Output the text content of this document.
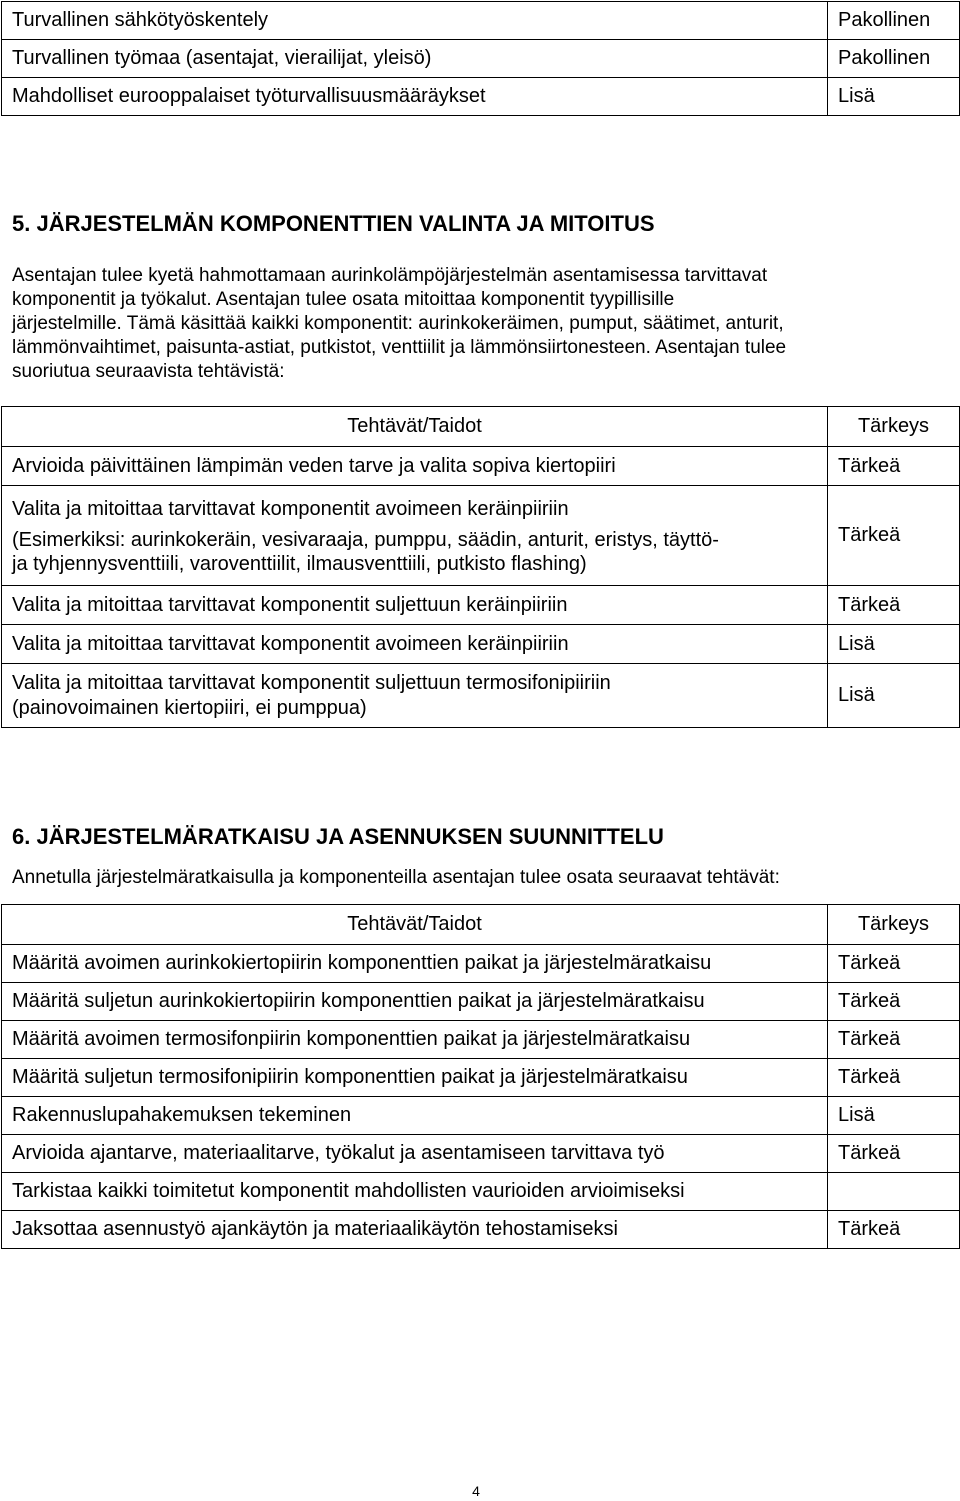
Turvallinen sähkötyöskentely	Pakollinen
Turvallinen työmaa (asentajat, vierailijat, yleisö)	Pakollinen
Mahdolliset eurooppalaiset työturvallisuusmääräykset	Lisä
5. JÄRJESTELMÄN KOMPONENTTIEN VALINTA JA MITOITUS

Asentajan tulee kyetä hahmottamaan aurinkolämpöjärjestelmän asentamisessa tarvittavat
komponentit ja työkalut. Asentajan tulee osata mitoittaa komponentit tyypillisille
järjestelmille. Tämä käsittää kaikki komponentit: aurinkokeräimen, pumput, säätimet, anturit,
lämmönvaihtimet, paisunta-astiat, putkistot, venttiilit ja lämmönsiirtonesteen. Asentajan tulee
suoriutua seuraavista tehtävistä:

Tehtävät/Taidot	Tärkeys
Arvioida päivittäinen lämpimän veden tarve ja valita sopiva kiertopiiri	Tärkeä

Valita ja mitoittaa tarvittavat komponentit avoimeen keräinpiiriin
(Esimerkiksi: aurinkokeräin, vesivaraaja, pumppu, säädin, anturit, eristys, täyttö-
ja tyhjennysventtiili, varoventtiilit, ilmausventtiili, putkisto flashing)	Tärkeä
Valita ja mitoittaa tarvittavat komponentit suljettuun keräinpiiriin	Tärkeä
Valita ja mitoittaa tarvittavat komponentit avoimeen keräinpiiriin	Lisä

Valita ja mitoittaa tarvittavat komponentit suljettuun termosifonipiiriin
(painovoimainen kiertopiiri, ei pumppua)	Lisä
6. JÄRJESTELMÄRATKAISU JA ASENNUKSEN SUUNNITTELU

Annetulla järjestelmäratkaisulla ja komponenteilla asentajan tulee osata seuraavat tehtävät:

Tehtävät/Taidot	Tärkeys
Määritä avoimen aurinkokiertopiirin komponenttien paikat ja järjestelmäratkaisu	Tärkeä
Määritä suljetun aurinkokiertopiirin komponenttien paikat ja järjestelmäratkaisu	Tärkeä
Määritä avoimen termosifonpiirin komponenttien paikat ja järjestelmäratkaisu	Tärkeä
Määritä suljetun termosifonipiirin komponenttien paikat ja järjestelmäratkaisu	Tärkeä
Rakennuslupahakemuksen tekeminen	Lisä
Arvioida ajantarve, materiaalitarve, työkalut ja asentamiseen tarvittava työ	Tärkeä
Tarkistaa kaikki toimitetut komponentit mahdollisten vaurioiden arvioimiseksi	
Jaksottaa asennustyö ajankäytön ja materiaalikäytön tehostamiseksi	Tärkeä
4
